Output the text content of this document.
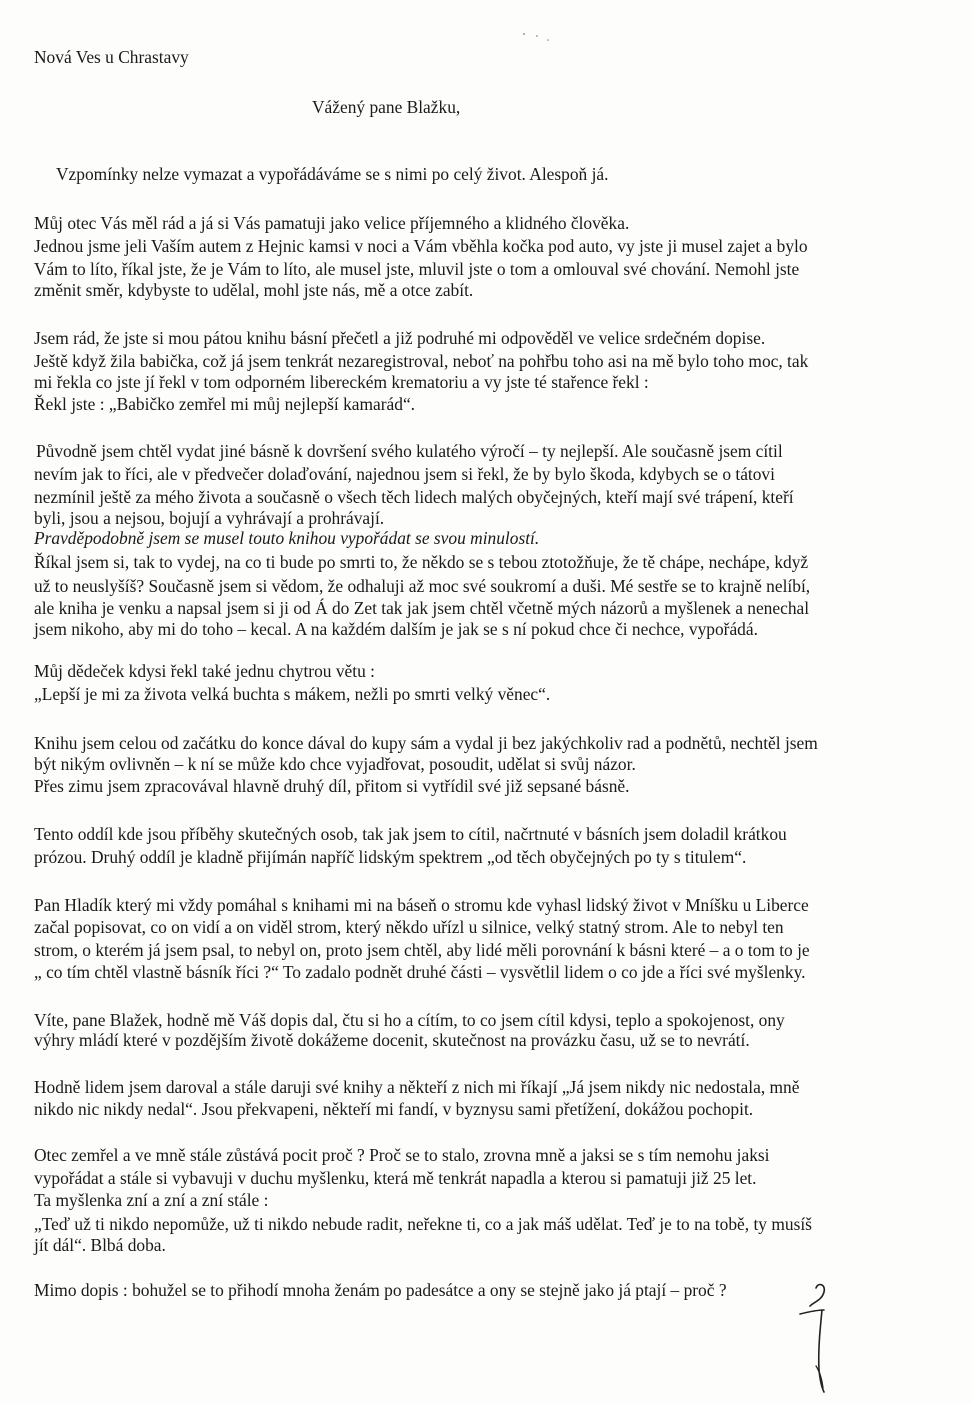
Nová Ves u Chrastavy
Vážený pane Blažku,
Vzpomínky nelze vymazat a vypořádáváme se s nimi po celý život. Alespoň já.
Můj otec Vás měl rád a já si Vás pamatuji jako velice příjemného a klidného člověka.
Jednou jsme jeli Vaším autem z Hejnic kamsi v noci a Vám vběhla kočka pod auto, vy jste ji musel zajet a bylo
Vám to líto, říkal jste, že je Vám to líto, ale musel jste, mluvil jste o tom a omlouval své chování. Nemohl jste
změnit směr, kdybyste to udělal, mohl jste nás, mě a otce zabít.
Jsem rád, že jste si mou pátou knihu básní přečetl a již podruhé mi odpověděl ve velice srdečném dopise.
Ještě když žila babička, což já jsem tenkrát nezaregistroval, neboť na pohřbu toho asi na mě bylo toho moc, tak
mi řekla co jste jí řekl v tom odporném libereckém krematoriu a vy jste té stařence řekl :
Řekl jste : „Babičko zemřel mi můj nejlepší kamarád“.
Původně jsem chtěl vydat jiné básně k dovršení svého kulatého výročí – ty nejlepší. Ale současně jsem cítil
nevím jak to říci, ale v předvečer dolaďování, najednou jsem si řekl, že by bylo škoda, kdybych se o tátovi
nezmínil ještě za mého života a současně o všech těch lidech malých obyčejných, kteří mají své trápení, kteří
byli, jsou a nejsou, bojují a vyhrávají a prohrávají.
Pravděpodobně jsem se musel touto knihou vypořádat se svou minulostí.
Říkal jsem si, tak to vydej, na co ti bude po smrti to, že někdo se s tebou ztotožňuje, že tě chápe, nechápe, když
už to neuslyšíš? Současně jsem si vědom, že odhaluji až moc své soukromí a duši. Mé sestře se to krajně nelíbí,
ale kniha je venku a napsal jsem si ji od Á do Zet tak jak jsem chtěl včetně mých názorů a myšlenek a nenechal
jsem nikoho, aby mi do toho – kecal. A na každém dalším je jak se s ní pokud chce či nechce, vypořádá.
Můj dědeček kdysi řekl také jednu chytrou větu :
„Lepší je mi za života velká buchta s mákem, nežli po smrti velký věnec“.
Knihu jsem celou od začátku do konce dával do kupy sám a vydal ji bez jakýchkoliv rad a podnětů, nechtěl jsem
být nikým ovlivněn – k ní se může kdo chce vyjadřovat, posoudit, udělat si svůj názor.
Přes zimu jsem zpracovával hlavně druhý díl, přitom si vytřídil své již sepsané básně.
Tento oddíl kde jsou příběhy skutečných osob, tak jak jsem to cítil, načrtnuté v básních jsem doladil krátkou
prózou. Druhý oddíl je kladně přijímán napříč lidským spektrem „od těch obyčejných po ty s titulem“.
Pan Hladík který mi vždy pomáhal s knihami mi na báseň o stromu kde vyhasl lidský život v Mníšku u Liberce
začal popisovat, co on vidí a on viděl strom, který někdo uřízl u silnice, velký statný strom. Ale to nebyl ten
strom, o kterém já jsem psal, to nebyl on, proto jsem chtěl, aby lidé měli porovnání k básni které – a o tom to je
„ co tím chtěl vlastně básník říci ?“ To zadalo podnět druhé části – vysvětlil lidem o co jde a říci své myšlenky.
Víte, pane Blažek, hodně mě Váš dopis dal, čtu si ho a cítím, to co jsem cítil kdysi, teplo a spokojenost, ony
výhry mládí které v pozdějším životě dokážeme docenit, skutečnost na provázku času, už se to nevrátí.
Hodně lidem jsem daroval a stále daruji své knihy a někteří z nich mi říkají „Já jsem nikdy nic nedostala, mně
nikdo nic nikdy nedal“. Jsou překvapeni, někteří mi fandí, v byznysu sami přetížení, dokážou pochopit.
Otec zemřel a ve mně stále zůstává pocit proč ? Proč se to stalo, zrovna mně a jaksi se s tím nemohu jaksi
vypořádat a stále si vybavuji v duchu myšlenku, která mě tenkrát napadla a kterou si pamatuji již 25 let.
Ta myšlenka zní a zní a zní stále :
„Teď už ti nikdo nepomůže, už ti nikdo nebude radit, neřekne ti, co a jak máš udělat. Teď je to na tobě, ty musíš
jít dál“. Blbá doba.
Mimo dopis : bohužel se to přihodí mnoha ženám po padesátce a ony se stejně jako já ptají – proč ?
